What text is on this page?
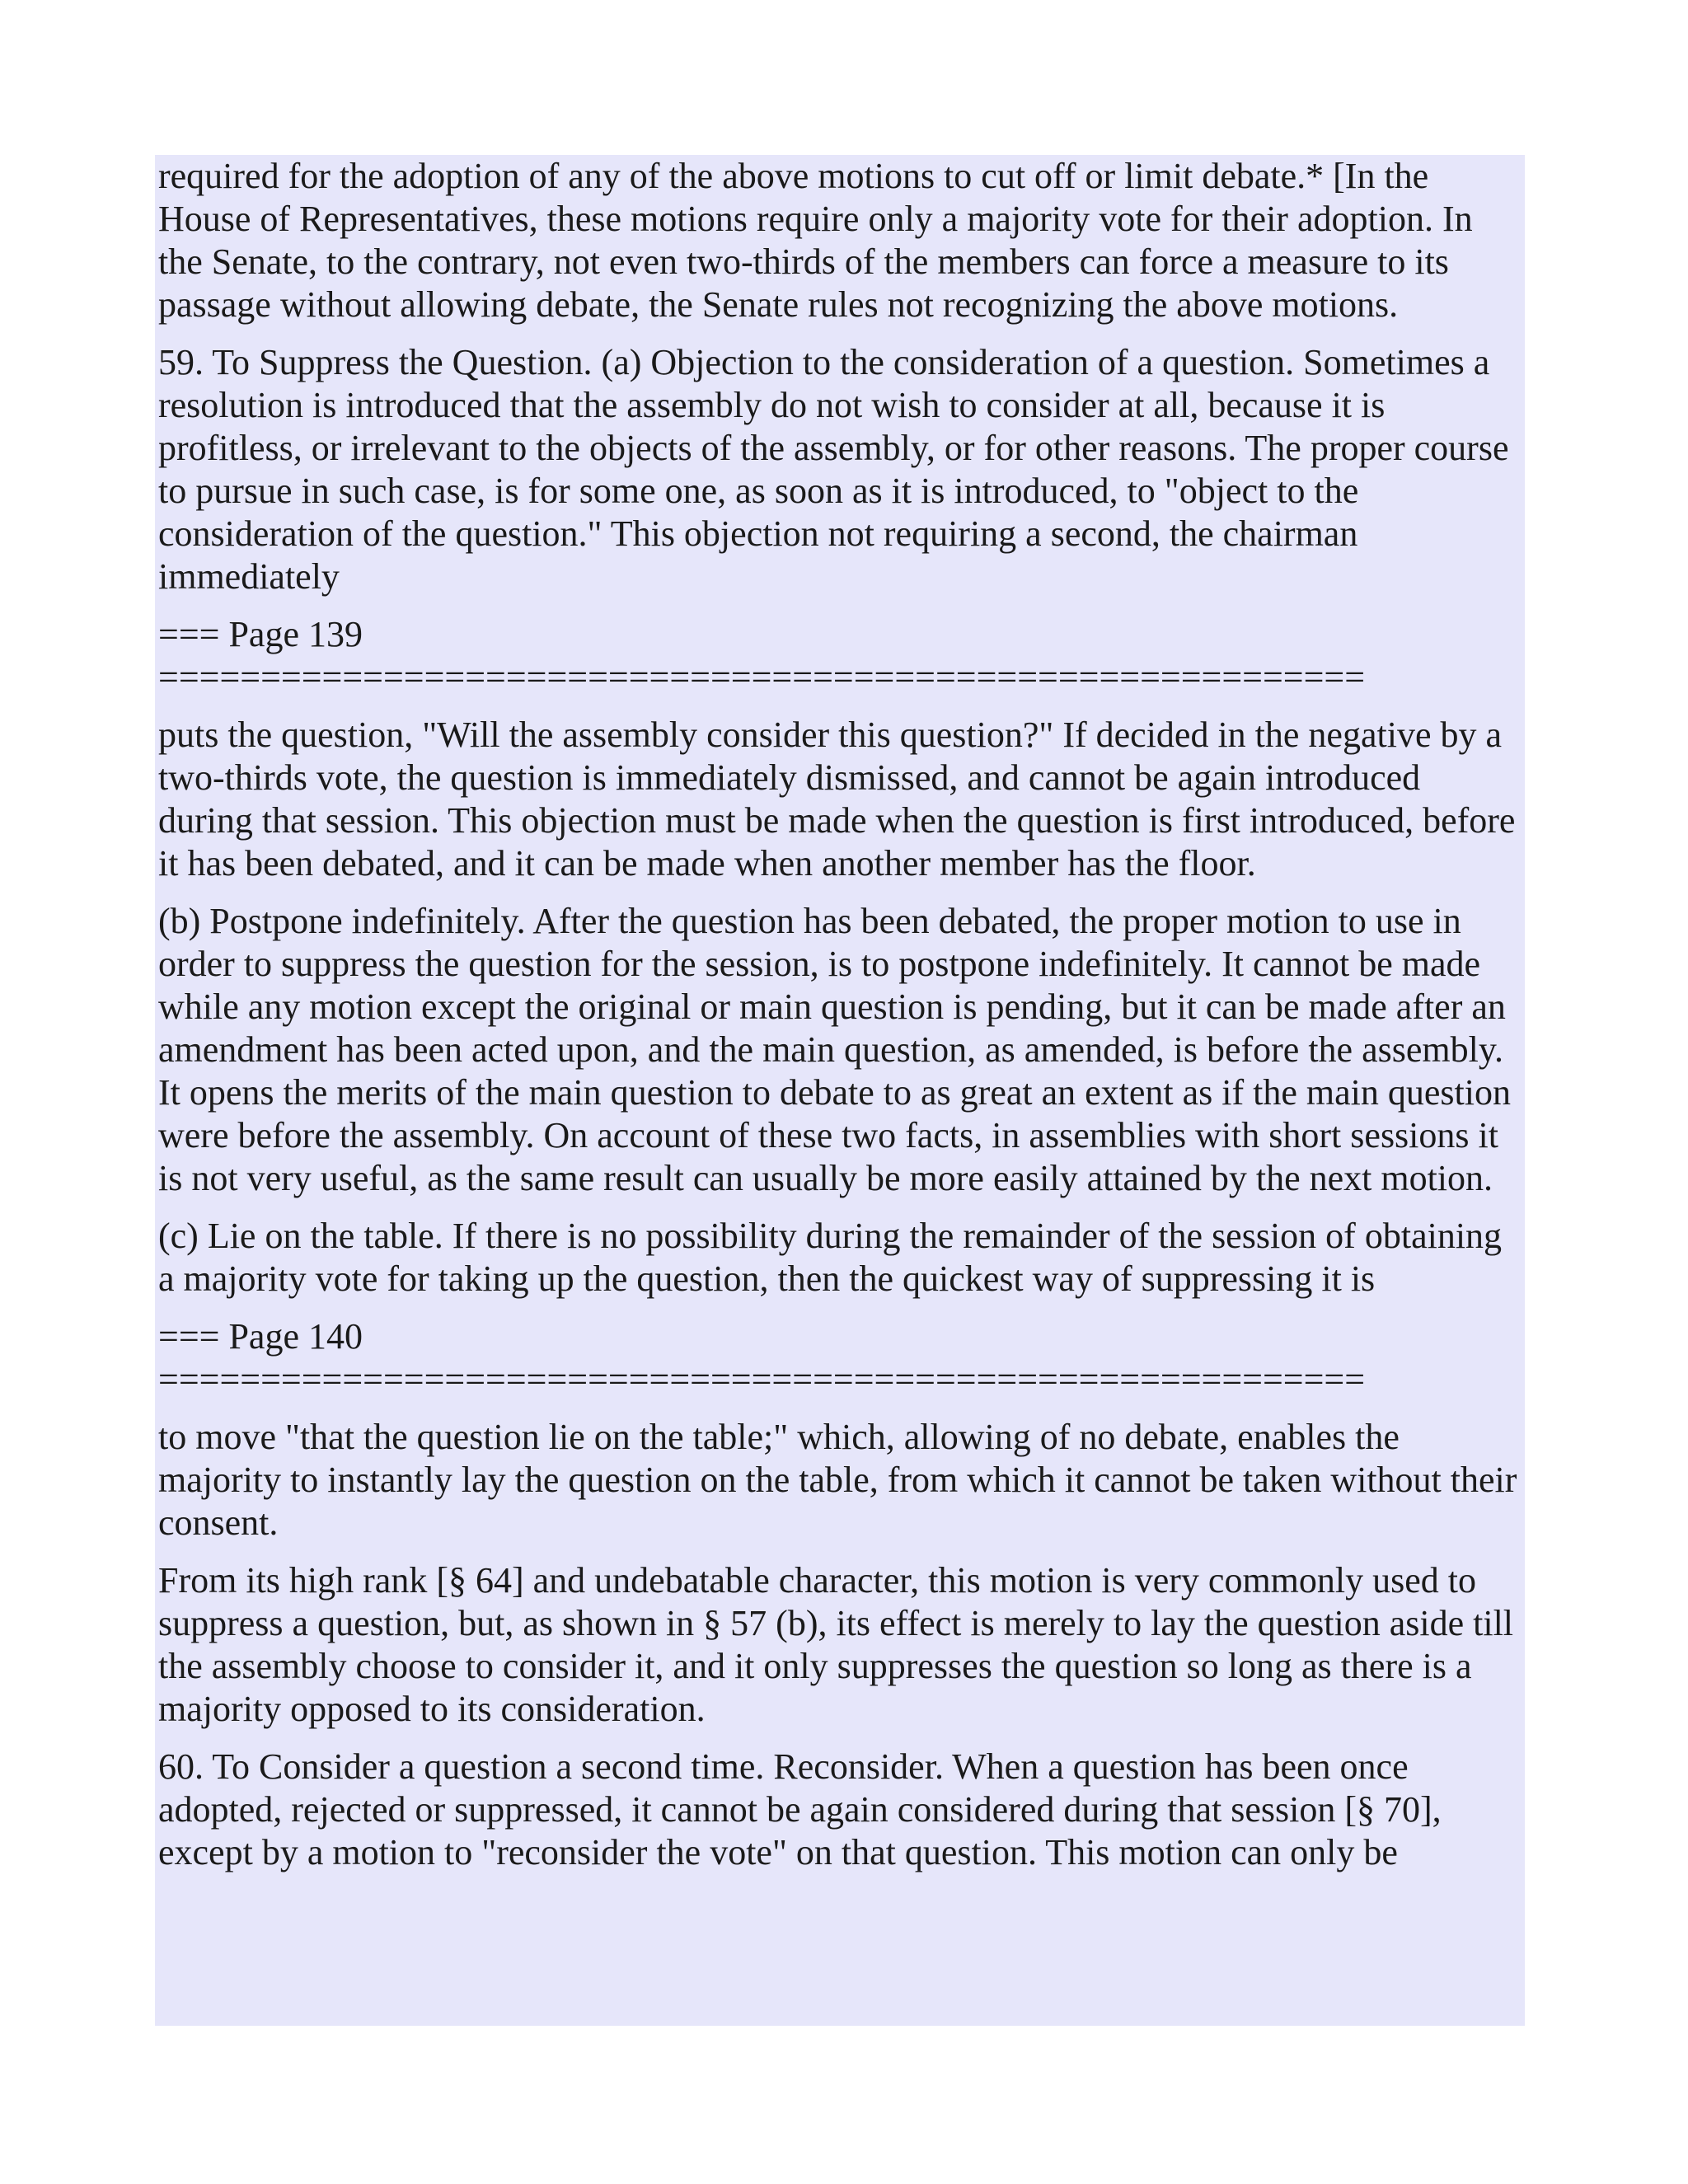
required for the adoption of any of the above motions to cut off or limit debate.* [In the House of Representatives, these motions require only a majority vote for their adoption. In the Senate, to the contrary, not even two-thirds of the members can force a measure to its passage without allowing debate, the Senate rules not recognizing the above motions.

59. To Suppress the Question. (a) Objection to the consideration of a question. Sometimes a resolution is introduced that the assembly do not wish to consider at all, because it is profitless, or irrelevant to the objects of the assembly, or for other reasons. The proper course to pursue in such case, is for some one, as soon as it is introduced, to "object to the consideration of the question." This objection not requiring a second, the chairman immediately

=== Page 139
===========================================================

puts the question, "Will the assembly consider this question?" If decided in the negative by a two-thirds vote, the question is immediately dismissed, and cannot be again introduced during that session. This objection must be made when the question is first introduced, before it has been debated, and it can be made when another member has the floor.

(b) Postpone indefinitely. After the question has been debated, the proper motion to use in order to suppress the question for the session, is to postpone indefinitely. It cannot be made while any motion except the original or main question is pending, but it can be made after an amendment has been acted upon, and the main question, as amended, is before the assembly. It opens the merits of the main question to debate to as great an extent as if the main question were before the assembly. On account of these two facts, in assemblies with short sessions it is not very useful, as the same result can usually be more easily attained by the next motion.

(c) Lie on the table. If there is no possibility during the remainder of the session of obtaining a majority vote for taking up the question, then the quickest way of suppressing it is

=== Page 140
===========================================================

to move "that the question lie on the table;" which, allowing of no debate, enables the majority to instantly lay the question on the table, from which it cannot be taken without their consent.

From its high rank [§ 64] and undebatable character, this motion is very commonly used to suppress a question, but, as shown in § 57 (b), its effect is merely to lay the question aside till the assembly choose to consider it, and it only suppresses the question so long as there is a majority opposed to its consideration.

60. To Consider a question a second time. Reconsider. When a question has been once adopted, rejected or suppressed, it cannot be again considered during that session [§ 70], except by a motion to "reconsider the vote" on that question. This motion can only be
